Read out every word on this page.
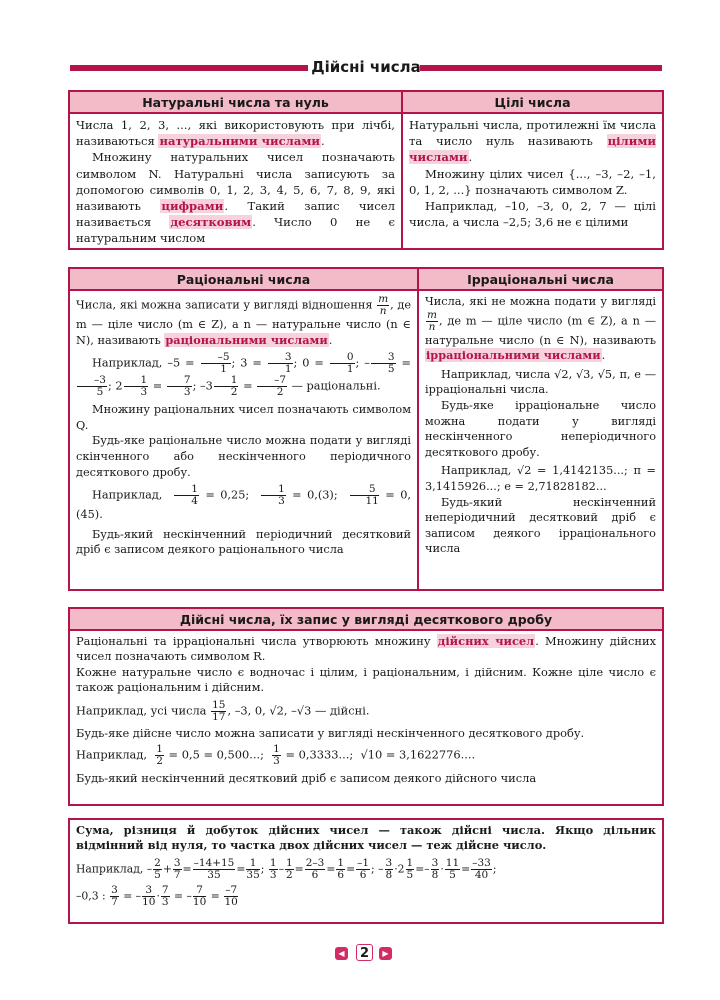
Дійсні числа
Натуральні числа та нуль

Числа 1, 2, 3, ..., які використовують при лічбі, називаються натуральними числами.

Множину натуральних чисел позначають символом N. Натуральні числа записують за допомогою символів 0, 1, 2, 3, 4, 5, 6, 7, 8, 9, які називають цифрами. Такий запис чисел називається десятковим. Число 0 не є натуральним числом

Цілі числа

Натуральні числа, протилежні їм числа та число нуль називають цілими числами.

Множину цілих чисел {..., –3, –2, –1, 0, 1, 2, ...} позначають символом Z.

Наприклад, –10, –3, 0, 2, 7 — цілі числа, а числа –2,5; 3,6 не є цілими

Раціональні числа

Числа, які можна записати у вигляді відношення $\frac{m}{n}$ , де m — ціле число (m ∈ Z), а n — натуральне число (n ∈ N), називають раціональними числами.

Наприклад, $-5 = \frac{-5}{1}$ ; $3 = \frac{3}{1}$ ; $0 = \frac{0}{1}$ ; – $\frac{3}{5}$ =
$\frac{-3}{5}$ ; $2 \frac{1}{3} = \frac{7}{3}$ ; $-3 \frac{1}{2} = \frac{-7}{2}$ — раціональні.

Множину раціональних чисел позначають символом Q.

Будь-яке раціональне число можна подати у вигляді скінченного або нескінченного періодичного десяткового дробу.

Наприклад, $\frac{1}{4} = 0,25$; $\frac{1}{3} = 0,(3)$; $\frac{5}{11} = 0,(45)$.

Будь-який нескінченний періодичний десятковий дріб є записом деякого раціонального числа

Ірраціональні числа

Числа, які не можна подати у вигляді
$\frac{m}{n}$ , де m — ціле число (m ∈ Z), а n — натуральне число (n ∈ N), називають ірраціональними числами.

Наприклад, числа √2, √3, √5, π, e — ірраціональні числа.

Будь-яке ірраціональне число можна подати у вигляді нескінченного неперіодичного десяткового дробу.

Наприклад, √2 = 1,4142135...; π = 3,1415926...; e = 2,71828182...

Будь-який нескінченний неперіодичний десятковий дріб є записом деякого ірраціонального числа

Дійсні числа, їх запис у вигляді десяткового дробу

Раціональні та ірраціональні числа утворюють множину дійсних чисел. Множину дійсних чисел позначають символом R.

Кожне натуральне число є водночас і цілим, і раціональним, і дійсним. Кожне ціле число є також раціональним і дійсним.

Наприклад, усі числа $\frac{15}{17}$ , –3, 0, √2, –√3 — дійсні.

Будь-яке дійсне число можна записати у вигляді нескінченного десяткового дробу.

Наприклад, $\frac{1}{2} = 0,5 = 0,500$...; $\frac{1}{3} = 0,3333$...; √10 = 3,1622776....

Будь-який нескінченний десятковий дріб є записом деякого дійсного числа

Сума, різниця й добуток дійсних чисел — також дійсні числа. Якщо дільник відмінний від нуля, то частка двох дійсних чисел — теж дійсне число.

Наприклад, – $\frac{2}{5} + \frac{3}{7} = \frac{-14+15}{35} = \frac{1}{35}$ ; $\frac{1}{3} - \frac{1}{2} = \frac{2-3}{6} = \frac{1}{6} = \frac{-1}{6}$ ; – $\frac{3}{8} \cdot 2 \frac{1}{5} =- \frac{3}{8} \cdot \frac{11}{5} = \frac{-33}{40}$ ;

–0,3 : $\frac{3}{7}$ = – $\frac{3}{10} \cdot \frac{7}{3}$ = – $\frac{7}{10} = \frac{-7}{10}$

◀	2	▶
